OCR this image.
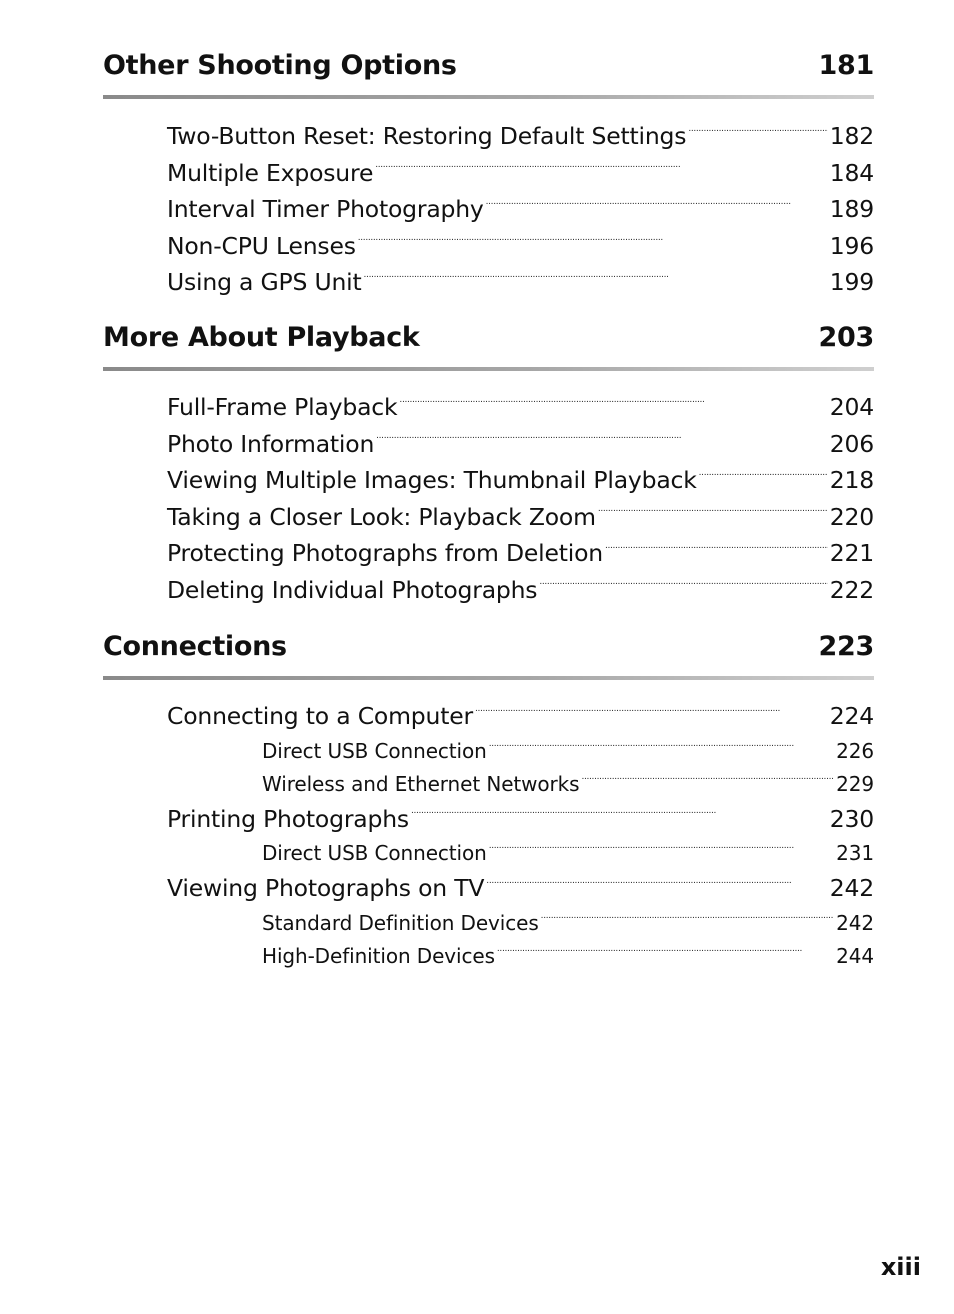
Other Shooting Options	181
Two-Button Reset: Restoring Default Settings . . .	182
Multiple Exposure . . .	184
Interval Timer Photography . . .	189
Non-CPU Lenses . . .	196
Using a GPS Unit . . .	199
More About Playback	203
Full-Frame Playback . . .	204
Photo Information . . .	206
Viewing Multiple Images: Thumbnail Playback . . .	218
Taking a Closer Look: Playback Zoom . . .	220
Protecting Photographs from Deletion . . .	221
Deleting Individual Photographs . . .	222
Connections	223
Connecting to a Computer . . .	224
Direct USB Connection . . .	226
Wireless and Ethernet Networks . . .	229
Printing Photographs . . .	230
Direct USB Connection . . .	231
Viewing Photographs on TV . . .	242
Standard Definition Devices . . .	242
High-Definition Devices . . .	244
xiii
